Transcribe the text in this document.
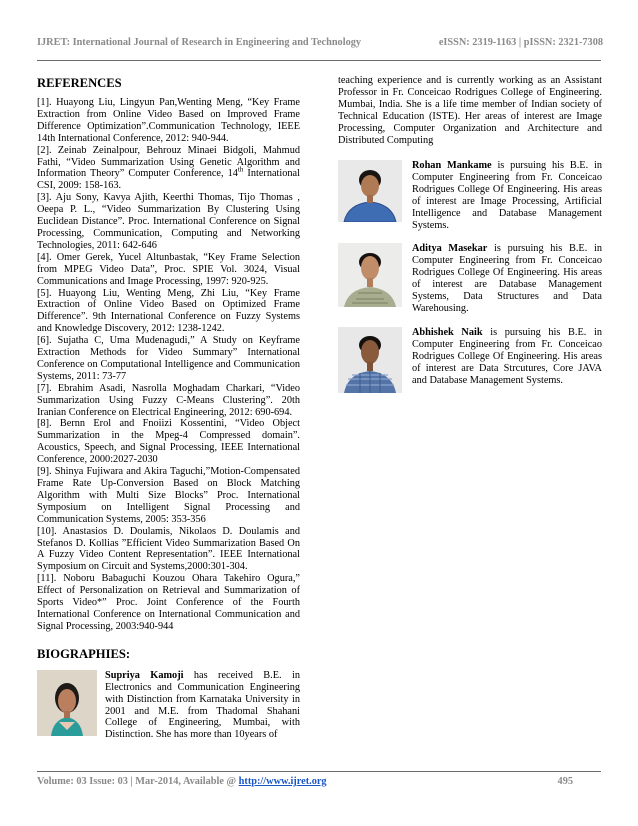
IJRET: International Journal of Research in Engineering and Technology	eISSN: 2319-1163 | pISSN: 2321-7308
REFERENCES

[1]. Huayong Liu, Lingyun Pan,Wenting Meng, “Key Frame Extraction from Online Video Based on Improved Frame Difference Optimization”.Communication Technology, IEEE 14th International Conference, 2012: 940-944.

[2]. Zeinab Zeinalpour, Behrouz Minaei Bidgoli, Mahmud Fathi, “Video Summarization Using Genetic Algorithm and Information Theory” Computer Conference, 14th International CSI, 2009: 158-163.

[3]. Aju Sony, Kavya Ajith, Keerthi Thomas, Tijo Thomas , Oeepa P. L., “Video Summarization By Clustering Using Euclidean Distance”. Proc. International Conference on Signal Processing, Communication, Computing and Networking Technologies, 2011: 642-646

[4]. Omer Gerek, Yucel Altunbastak, “Key Frame Selection from MPEG Video Data”, Proc. SPIE Vol. 3024, Visual Communications and Image Processing, 1997: 920-925.

[5]. Huayong Liu, Wenting Meng, Zhi Liu, “Key Frame Extraction of Online Video Based on Optimized Frame Difference”. 9th International Conference on Fuzzy Systems and Knowledge Discovery, 2012: 1238-1242.

[6]. Sujatha C, Uma Mudenagudi,” A Study on Keyframe Extraction Methods for Video Summary” International Conference on Computational Intelligence and Communication Systems, 2011: 73-77

[7]. Ebrahim Asadi, Nasrolla Moghadam Charkari, “Video Summarization Using Fuzzy C-Means Clustering”. 20th Iranian Conference on Electrical Engineering, 2012: 690-694.

[8]. Bernn Erol and Fnoiizi Kossentini, “Video Object Summarization in the Mpeg-4 Compressed domain”. Acoustics, Speech, and Signal Processing, IEEE International Conference, 2000:2027-2030

[9]. Shinya Fujiwara and Akira Taguchi,”Motion-Compensated Frame Rate Up-Conversion Based on Block Matching Algorithm with Multi Size Blocks” Proc. International Symposium on Intelligent Signal Processing and Communication Systems, 2005: 353-356

[10]. Anastasios D. Doulamis, Nikolaos D. Doulamis and Stefanos D. Kollias ”Efficient Video Summarization Based On A Fuzzy Video Content Representation”. IEEE International Symposium on Circuit and Systems,2000:301-304.

[11]. Noboru Babaguchi Kouzou Ohara Takehiro Ogura,” Effect of Personalization on Retrieval and Summarization of Sports Video*” Proc. Joint Conference of the Fourth International Conference on International Communication and Signal Processing, 2003:940-944

BIOGRAPHIES:

Supriya Kamoji has received B.E. in Electronics and Communication Engineering with Distinction from Karnataka University in 2001 and M.E. from Thadomal Shahani College of Engineering, Mumbai, with Distinction. She has more than 10years of

teaching experience and is currently working as an Assistant Professor in Fr. Conceicao Rodrigues College of Engineering. Mumbai, India. She is a life time member of Indian society of Technical Education (ISTE). Her areas of interest are Image Processing, Computer Organization and Architecture and Distributed Computing

Rohan Mankame is pursuing his B.E. in Computer Engineering from Fr. Conceicao Rodrigues College Of Engineering. His areas of interest are Image Processing, Artificial Intelligence and Database Management Systems.

Aditya Masekar is pursuing his B.E. in Computer Engineering from Fr. Conceicao Rodrigues College Of Engineering. His areas of interest are Database Management Systems, Data Structures and Data Warehousing.

Abhishek Naik is pursuing his B.E. in Computer Engineering from Fr. Conceicao Rodrigues College Of Engineering. His areas of interest are Data Strcutures, Core JAVA and Database Management Systems.

Volume: 03 Issue: 03 | Mar-2014, Available @ http://www.ijret.org	495
